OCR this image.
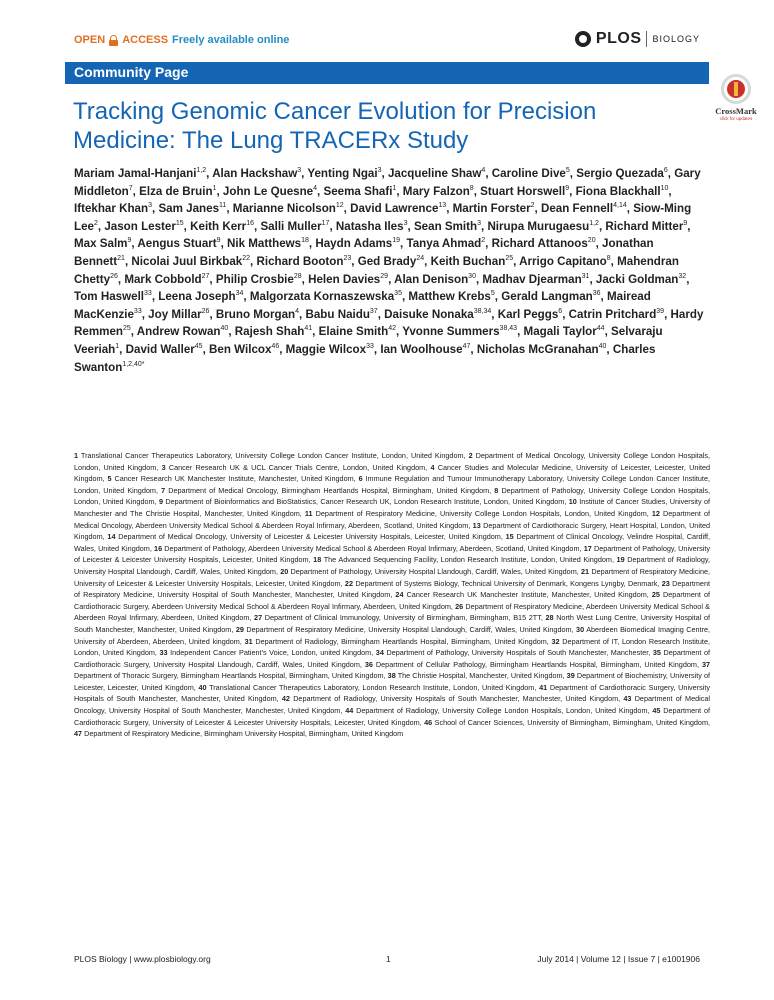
OPEN ACCESS Freely available online	PLOS BIOLOGY
Community Page
CrossMark
click for updates
Tracking Genomic Cancer Evolution for Precision Medicine: The Lung TRACERx Study
Mariam Jamal-Hanjani$^{1,2}$, Alan Hackshaw$^3$, Yenting Ngai$^3$, Jacqueline Shaw$^4$, Caroline Dive$^5$, Sergio Quezada$^6$, Gary Middleton$^7$, Elza de Bruin$^1$, John Le Quesne$^4$, Seema Shafi$^1$, Mary Falzon$^8$, Stuart Horswell$^9$, Fiona Blackhall$^{10}$, Iftekhar Khan$^3$, Sam Janes$^{11}$, Marianne Nicolson$^{12}$, David Lawrence$^{13}$, Martin Forster$^2$, Dean Fennell$^{4,14}$, Siow-Ming Lee$^2$, Jason Lester$^{15}$, Keith Kerr$^{16}$, Salli Muller$^{17}$, Natasha Iles$^3$, Sean Smith$^3$, Nirupa Murugaesu$^{1,2}$, Richard Mitter$^9$, Max Salm$^9$, Aengus Stuart$^9$, Nik Matthews$^{18}$, Haydn Adams$^{19}$, Tanya Ahmad$^2$, Richard Attanoos$^{20}$, Jonathan Bennett$^{21}$, Nicolai Juul Birkbak$^{22}$, Richard Booton$^{23}$, Ged Brady$^{24}$, Keith Buchan$^{25}$, Arrigo Capitano$^8$, Mahendran Chetty$^{26}$, Mark Cobbold$^{27}$, Philip Crosbie$^{28}$, Helen Davies$^{29}$, Alan Denison$^{30}$, Madhav Djearman$^{31}$, Jacki Goldman$^{32}$, Tom Haswell$^{33}$, Leena Joseph$^{34}$, Malgorzata Kornaszewska$^{35}$, Matthew Krebs$^5$, Gerald Langman$^{36}$, Mairead MacKenzie$^{33}$, Joy Millar$^{26}$, Bruno Morgan$^4$, Babu Naidu$^{37}$, Daisuke Nonaka$^{38,34}$, Karl Peggs$^6$, Catrin Pritchard$^{39}$, Hardy Remmen$^{25}$, Andrew Rowan$^{40}$, Rajesh Shah$^{41}$, Elaine Smith$^{42}$, Yvonne Summers$^{38,43}$, Magali Taylor$^{44}$, Selvaraju Veeriah$^1$, David Waller$^{45}$, Ben Wilcox$^{46}$, Maggie Wilcox$^{33}$, Ian Woolhouse$^{47}$, Nicholas McGranahan$^{40}$, Charles Swanton$^{1,2,40*}$
1 Translational Cancer Therapeutics Laboratory, University College London Cancer Institute, London, United Kingdom, 2 Department of Medical Oncology, University College London Hospitals, London, United Kingdom, 3 Cancer Research UK & UCL Cancer Trials Centre, London, United Kingdom, 4 Cancer Studies and Molecular Medicine, University of Leicester, Leicester, United Kingdom, 5 Cancer Research UK Manchester Institute, Manchester, United Kingdom, 6 Immune Regulation and Tumour Immunotherapy Laboratory, University College London Cancer Institute, London, United Kingdom, 7 Department of Medical Oncology, Birmingham Heartlands Hospital, Birmingham, United Kingdom, 8 Department of Pathology, University College London Hospitals, London, United Kingdom, 9 Department of Bioinformatics and BioStatistics, Cancer Research UK, London Research Institute, London, United Kingdom, 10 Institute of Cancer Studies, University of Manchester and The Christie Hospital, Manchester, United Kingdom, 11 Department of Respiratory Medicine, University College London Hospitals, London, United Kingdom, 12 Department of Medical Oncology, Aberdeen University Medical School & Aberdeen Royal Infirmary, Aberdeen, Scotland, United Kingdom, 13 Department of Cardiothoracic Surgery, Heart Hospital, London, United Kingdom, 14 Department of Medical Oncology, University of Leicester & Leicester University Hospitals, Leicester, United Kingdom, 15 Department of Clinical Oncology, Velindre Hospital, Cardiff, Wales, United Kingdom, 16 Department of Pathology, Aberdeen University Medical School & Aberdeen Royal Infirmary, Aberdeen, Scotland, United Kingdom, 17 Department of Pathology, University of Leicester & Leicester University Hospitals, Leicester, United Kingdom, 18 The Advanced Sequencing Facility, London Research Institute, London, United Kingdom, 19 Department of Radiology, University Hospital Llandough, Cardiff, Wales, United Kingdom, 20 Department of Pathology, University Hospital Llandough, Cardiff, Wales, United Kingdom, 21 Department of Respiratory Medicine, University of Leicester & Leicester University Hospitals, Leicester, United Kingdom, 22 Department of Systems Biology, Technical University of Denmark, Kongens Lyngby, Denmark, 23 Department of Respiratory Medicine, University Hospital of South Manchester, Manchester, United Kingdom, 24 Cancer Research UK Manchester Institute, Manchester, United Kingdom, 25 Department of Cardiothoracic Surgery, Aberdeen University Medical School & Aberdeen Royal Infirmary, Aberdeen, United Kingdom, 26 Department of Respiratory Medicine, Aberdeen University Medical School & Aberdeen Royal Infirmary, Aberdeen, United Kingdom, 27 Department of Clinical Immunology, University of Birmingham, Birmingham, B15 2TT, 28 North West Lung Centre, University Hospital of South Manchester, Manchester, United Kingdom, 29 Department of Respiratory Medicine, University Hospital Llandough, Cardiff, Wales, United Kingdom, 30 Aberdeen Biomedical Imaging Centre, University of Aberdeen, Aberdeen, United kingdom, 31 Department of Radiology, Birmingham Heartlands Hospital, Birmingham, United Kingdom, 32 Department of IT, London Research Institute, London, United Kingdom, 33 Independent Cancer Patient's Voice, London, united Kingdom, 34 Department of Pathology, University Hospitals of South Manchester, Manchester, 35 Department of Cardiothoracic Surgery, University Hospital Llandough, Cardiff, Wales, United Kingdom, 36 Department of Cellular Pathology, Birmingham Heartlands Hospital, Birmingham, United Kingdom, 37 Department of Thoracic Surgery, Birmingham Heartlands Hospital, Birmingham, United Kingdom, 38 The Christie Hospital, Manchester, United Kingdom, 39 Department of Biochemistry, University of Leicester, Leicester, United Kingdom, 40 Translational Cancer Therapeutics Laboratory, London Research Institute, London, United Kingdom, 41 Department of Cardiothoracic Surgery, University Hospitals of South Manchester, Manchester, United Kingdom, 42 Department of Radiology, University Hospitals of South Manchester, Manchester, United Kingdom, 43 Department of Medical Oncology, University Hospital of South Manchester, Manchester, United Kingdom, 44 Department of Radiology, University College London Hospitals, London, United Kingdom, 45 Department of Cardiothoracic Surgery, University of Leicester & Leicester University Hospitals, Leicester, United Kingdom, 46 School of Cancer Sciences, University of Birmingham, Birmingham, United Kingdom, 47 Department of Respiratory Medicine, Birmingham University Hospital, Birmingham, United Kingdom
PLOS Biology | www.plosbiology.org	1	July 2014 | Volume 12 | Issue 7 | e1001906
